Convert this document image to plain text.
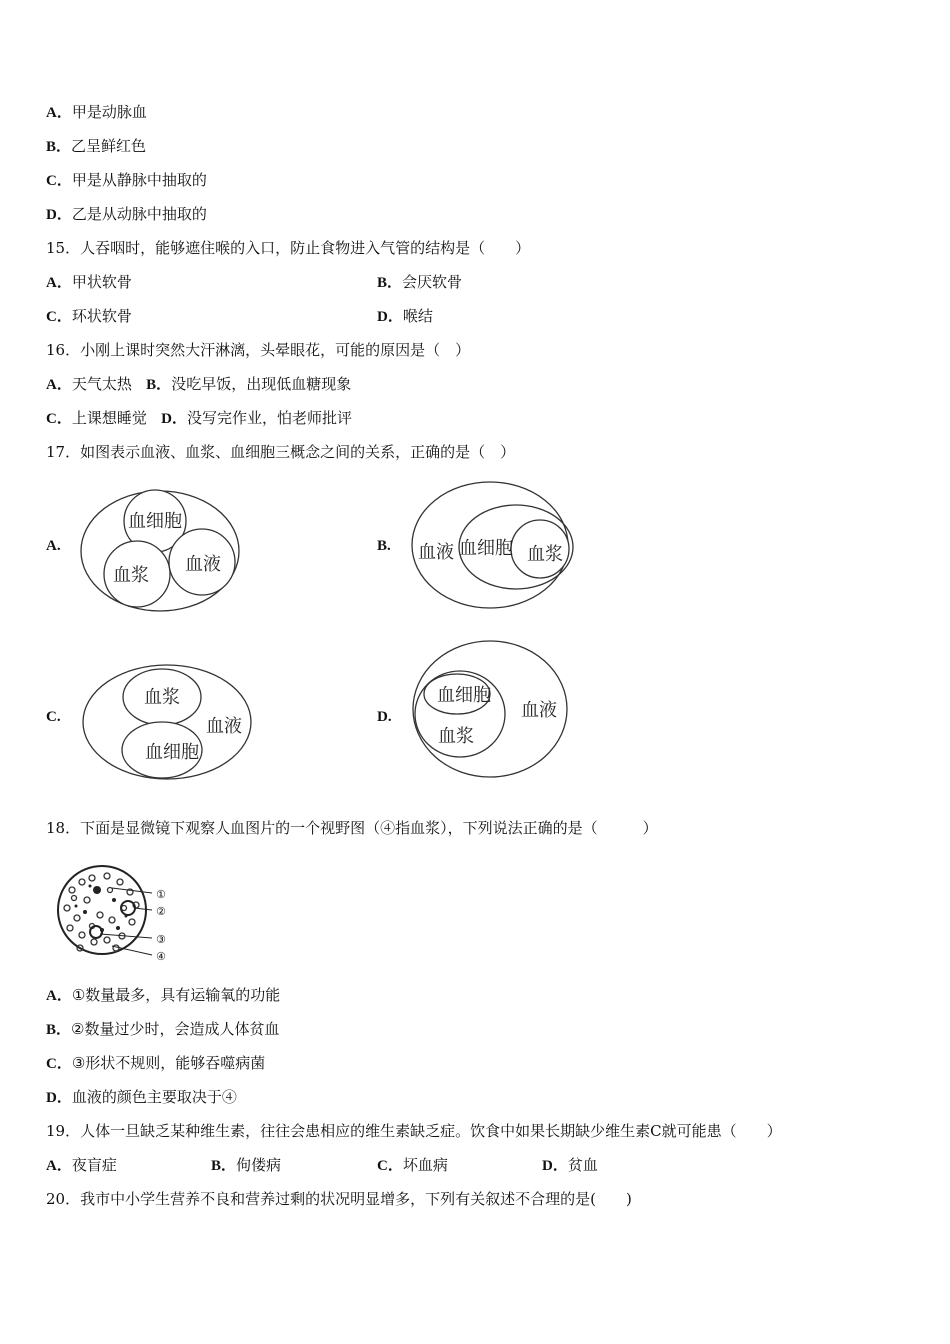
A．甲是动脉血
B．乙呈鲜红色
C．甲是从静脉中抽取的
D．乙是从动脉中抽取的
15．人吞咽时，能够遮住喉的入口，防止食物进入气管的结构是（　　）
A．甲状软骨	B．会厌软骨
C．环状软骨	D．喉结
16．小刚上课时突然大汗淋漓，头晕眼花，可能的原因是（　）
A．天气太热 B．没吃早饭，出现低血糖现象
C．上课想睡觉 D．没写完作业，怕老师批评
17．如图表示血液、血浆、血细胞三概念之间的关系，正确的是（　）
A.	B.
C.	D.
血细胞
血浆
血液
血液 血细胞 血浆
血浆
血液
血细胞
血细胞
血液
血浆
18．下面是显微镜下观察人血图片的一个视野图（④指血浆），下列说法正确的是（　　　）
①
②
③
④
A．①数量最多，具有运输氧的功能
B．②数量过少时，会造成人体贫血
C．③形状不规则，能够吞噬病菌
D．血液的颜色主要取决于④
19．人体一旦缺乏某种维生素，往往会患相应的维生素缺乏症。饮食中如果长期缺少维生素C就可能患（　　）
A．夜盲症	B．佝偻病	C．坏血病	D．贫血
20．我市中小学生营养不良和营养过剩的状况明显增多，下列有关叙述不合理的是(　　)
